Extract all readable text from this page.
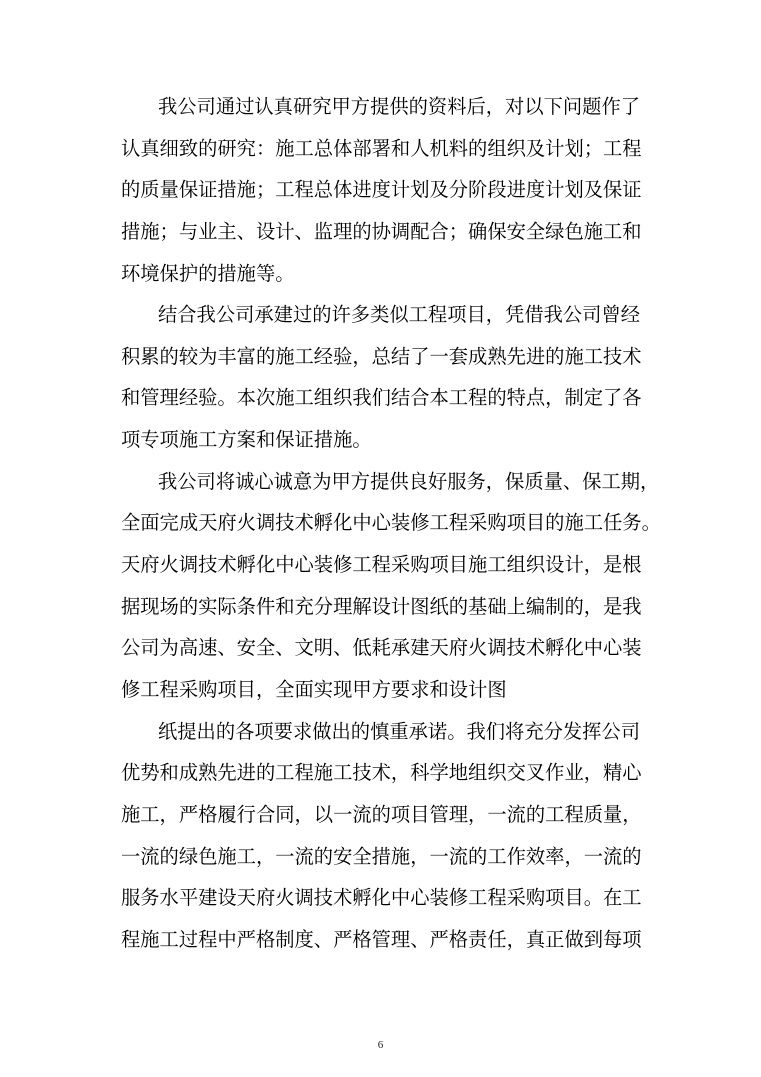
我公司通过认真研究甲方提供的资料后，对以下问题作了
认真细致的研究：施工总体部署和人机料的组织及计划；工程
的质量保证措施；工程总体进度计划及分阶段进度计划及保证
措施；与业主、设计、监理的协调配合；确保安全绿色施工和
环境保护的措施等。
结合我公司承建过的许多类似工程项目，凭借我公司曾经
积累的较为丰富的施工经验，总结了一套成熟先进的施工技术
和管理经验。本次施工组织我们结合本工程的特点，制定了各
项专项施工方案和保证措施。
我公司将诚心诚意为甲方提供良好服务，保质量、保工期，
全面完成天府火调技术孵化中心装修工程采购项目的施工任务。
天府火调技术孵化中心装修工程采购项目施工组织设计，是根
据现场的实际条件和充分理解设计图纸的基础上编制的，是我
公司为高速、安全、文明、低耗承建天府火调技术孵化中心装
修工程采购项目，全面实现甲方要求和设计图
纸提出的各项要求做出的慎重承诺。我们将充分发挥公司
优势和成熟先进的工程施工技术，科学地组织交叉作业，精心
施工，严格履行合同，以一流的项目管理，一流的工程质量，
一流的绿色施工，一流的安全措施，一流的工作效率，一流的
服务水平建设天府火调技术孵化中心装修工程采购项目。在工
程施工过程中严格制度、严格管理、严格责任，真正做到每项
6
